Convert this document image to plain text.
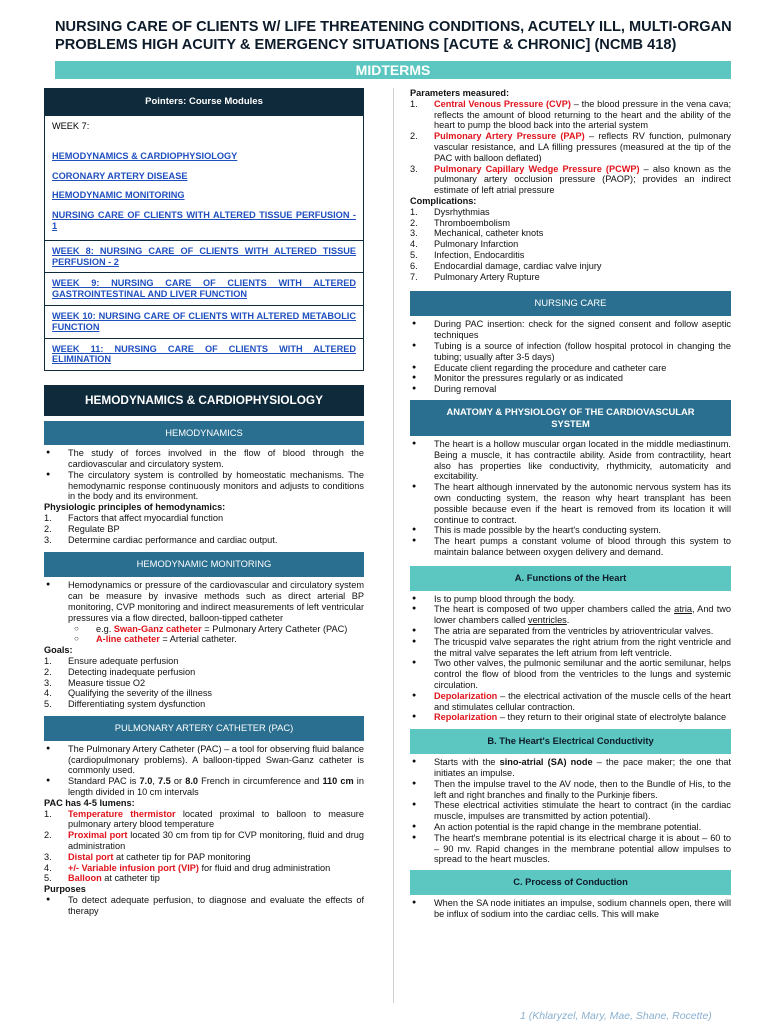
NURSING CARE OF CLIENTS W/ LIFE THREATENING CONDITIONS, ACUTELY ILL, MULTI-ORGAN PROBLEMS HIGH ACUITY & EMERGENCY SITUATIONS [ACUTE & CHRONIC] (NCMB 418)
MIDTERMS
Pointers: Course Modules
WEEK 7:
HEMODYNAMICS & CARDIOPHYSIOLOGY
CORONARY ARTERY DISEASE
HEMODYNAMIC MONITORING
NURSING CARE OF CLIENTS WITH ALTERED TISSUE PERFUSION - 1
WEEK 8: NURSING CARE OF CLIENTS WITH ALTERED TISSUE PERFUSION - 2
WEEK 9: NURSING CARE OF CLIENTS WITH ALTERED GASTROINTESTINAL AND LIVER FUNCTION
WEEK 10: NURSING CARE OF CLIENTS WITH ALTERED METABOLIC FUNCTION
WEEK 11: NURSING CARE OF CLIENTS WITH ALTERED ELIMINATION
HEMODYNAMICS & CARDIOPHYSIOLOGY
HEMODYNAMICS
● The study of forces involved in the flow of blood through the cardiovascular and circulatory system.
● The circulatory system is controlled by homeostatic mechanisms. The hemodynamic response continuously monitors and adjusts to conditions in the body and its environment.
Physiologic principles of hemodynamics:
1. Factors that affect myocardial function
2. Regulate BP
3. Determine cardiac performance and cardiac output.
HEMODYNAMIC MONITORING
● Hemodynamics or pressure of the cardiovascular and circulatory system can be measure by invasive methods such as direct arterial BP monitoring, CVP monitoring and indirect measurements of left ventricular pressures via a flow directed, balloon-tipped catheter
○ e.g. Swan-Ganz catheter = Pulmonary Artery Catheter (PAC)
○ A-line catheter = Arterial catheter.
Goals:
1. Ensure adequate perfusion
2. Detecting inadequate perfusion
3. Measure tissue O2
4. Qualifying the severity of the illness
5. Differentiating system dysfunction
PULMONARY ARTERY CATHETER (PAC)
● The Pulmonary Artery Catheter (PAC) – a tool for observing fluid balance (cardiopulmonary problems). A balloon-tipped Swan-Ganz catheter is commonly used.
● Standard PAC is 7.0, 7.5 or 8.0 French in circumference and 110 cm in length divided in 10 cm intervals
PAC has 4-5 lumens:
1. Temperature thermistor located proximal to balloon to measure pulmonary artery blood temperature
2. Proximal port located 30 cm from tip for CVP monitoring, fluid and drug administration
3. Distal port at catheter tip for PAP monitoring
4. +/- Variable infusion port (VIP) for fluid and drug administration
5. Balloon at catheter tip
Purposes
● To detect adequate perfusion, to diagnose and evaluate the effects of therapy
Parameters measured:
1. Central Venous Pressure (CVP) – the blood pressure in the vena cava; reflects the amount of blood returning to the heart and the ability of the heart to pump the blood back into the arterial system
2. Pulmonary Artery Pressure (PAP) – reflects RV function, pulmonary vascular resistance, and LA filling pressures (measured at the tip of the PAC with balloon deflated)
3. Pulmonary Capillary Wedge Pressure (PCWP) – also known as the pulmonary artery occlusion pressure (PAOP); provides an indirect estimate of left atrial pressure
Complications:
1. Dysrhythmias
2. Thromboembolism
3. Mechanical, catheter knots
4. Pulmonary Infarction
5. Infection, Endocarditis
6. Endocardial damage, cardiac valve injury
7. Pulmonary Artery Rupture
NURSING CARE
● During PAC insertion: check for the signed consent and follow aseptic techniques
● Tubing is a source of infection (follow hospital protocol in changing the tubing; usually after 3-5 days)
● Educate client regarding the procedure and catheter care
● Monitor the pressures regularly or as indicated
● During removal
ANATOMY & PHYSIOLOGY OF THE CARDIOVASCULAR SYSTEM
● The heart is a hollow muscular organ located in the middle mediastinum. Being a muscle, it has contractile ability. Aside from contractility, heart also has properties like conductivity, rhythmicity, automaticity and excitability.
● The heart although innervated by the autonomic nervous system has its own conducting system, the reason why heart transplant has been possible because even if the heart is removed from its location it will continue to contract.
● This is made possible by the heart's conducting system.
● The heart pumps a constant volume of blood through this system to maintain balance between oxygen delivery and demand.
A. Functions of the Heart
● Is to pump blood through the body.
● The heart is composed of two upper chambers called the atria, And two lower chambers called ventricles.
● The atria are separated from the ventricles by atrioventricular valves.
● The tricuspid valve separates the right atrium from the right ventricle and the mitral valve separates the left atrium from left ventricle.
● Two other valves, the pulmonic semilunar and the aortic semilunar, helps control the flow of blood from the ventricles to the lungs and systemic circulation.
● Depolarization – the electrical activation of the muscle cells of the heart and stimulates cellular contraction.
● Repolarization – they return to their original state of electrolyte balance
B. The Heart's Electrical Conductivity
● Starts with the sino-atrial (SA) node – the pace maker; the one that initiates an impulse.
● Then the impulse travel to the AV node, then to the Bundle of His, to the left and right branches and finally to the Purkinje fibers.
● These electrical activities stimulate the heart to contract (in the cardiac muscle, impulses are transmitted by action potential).
● An action potential is the rapid change in the membrane potential.
● The heart's membrane potential is its electrical charge it is about – 60 to – 90 mv. Rapid changes in the membrane potential allow impulses to spread to the heart muscles.
C. Process of Conduction
● When the SA node initiates an impulse, sodium channels open, there will be influx of sodium into the cardiac cells. This will make
1 (Khlaryzel, Mary, Mae, Shane, Rocette)
